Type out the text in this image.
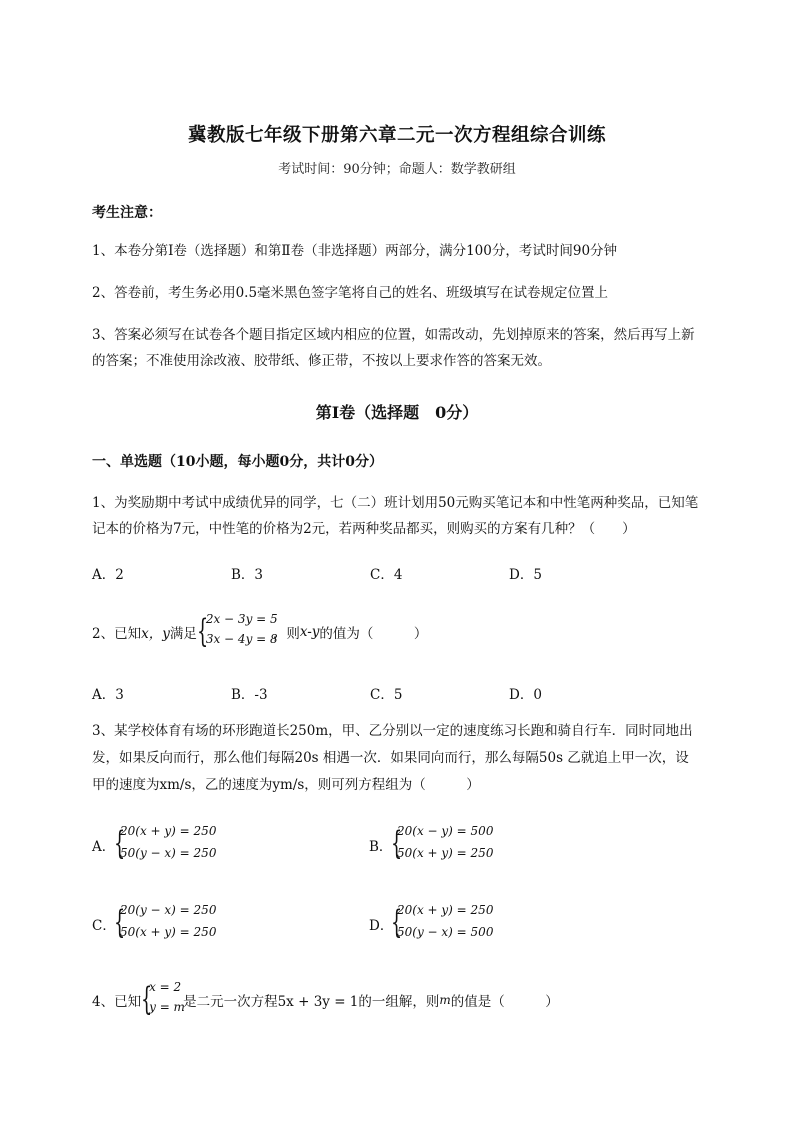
冀教版七年级下册第六章二元一次方程组综合训练
考试时间：90分钟；命题人：数学教研组
考生注意：
1、本卷分第I卷（选择题）和第Ⅱ卷（非选择题）两部分，满分100分，考试时间90分钟
2、答卷前，考生务必用0.5毫米黑色签字笔将自己的姓名、班级填写在试卷规定位置上
3、答案必须写在试卷各个题目指定区域内相应的位置，如需改动，先划掉原来的答案，然后再写上新的答案；不准使用涂改液、胶带纸、修正带，不按以上要求作答的答案无效。
第I卷（选择题　0分）
一、单选题（10小题，每小题0分，共计0分）
1、为奖励期中考试中成绩优异的同学，七（二）班计划用50元购买笔记本和中性笔两种奖品，已知笔记本的价格为7元，中性笔的价格为2元，若两种奖品都买，则购买的方案有几种？（　　）
A．2	B．3	C．4	D．5
2、已知 x，y 满足 {
2x − 3y = 5
3x − 4y = 8
，则 x-y 的值为（　　　）
A．3	B．-3	C．5	D．0
3、某学校体育有场的环形跑道长250m，甲、乙分别以一定的速度练习长跑和骑自行车．同时同地出
发，如果反向而行，那么他们每隔20s 相遇一次．如果同向而行，那么每隔50s 乙就追上甲一次，设
甲的速度为xm/s，乙的速度为ym/s，则可列方程组为（　　　）
A．
{
20(x + y) = 250
50(y − x) = 250	B．
{
20(x − y) = 500
50(x + y) = 250
C．
{
20(y − x) = 250
50(x + y) = 250	D．
{
20(x + y) = 250
50(y − x) = 500
4、已知 {
x = 2
y = m
是二元一次方程5x + 3y = 1的一组解，则 m 的值是（　　　）
